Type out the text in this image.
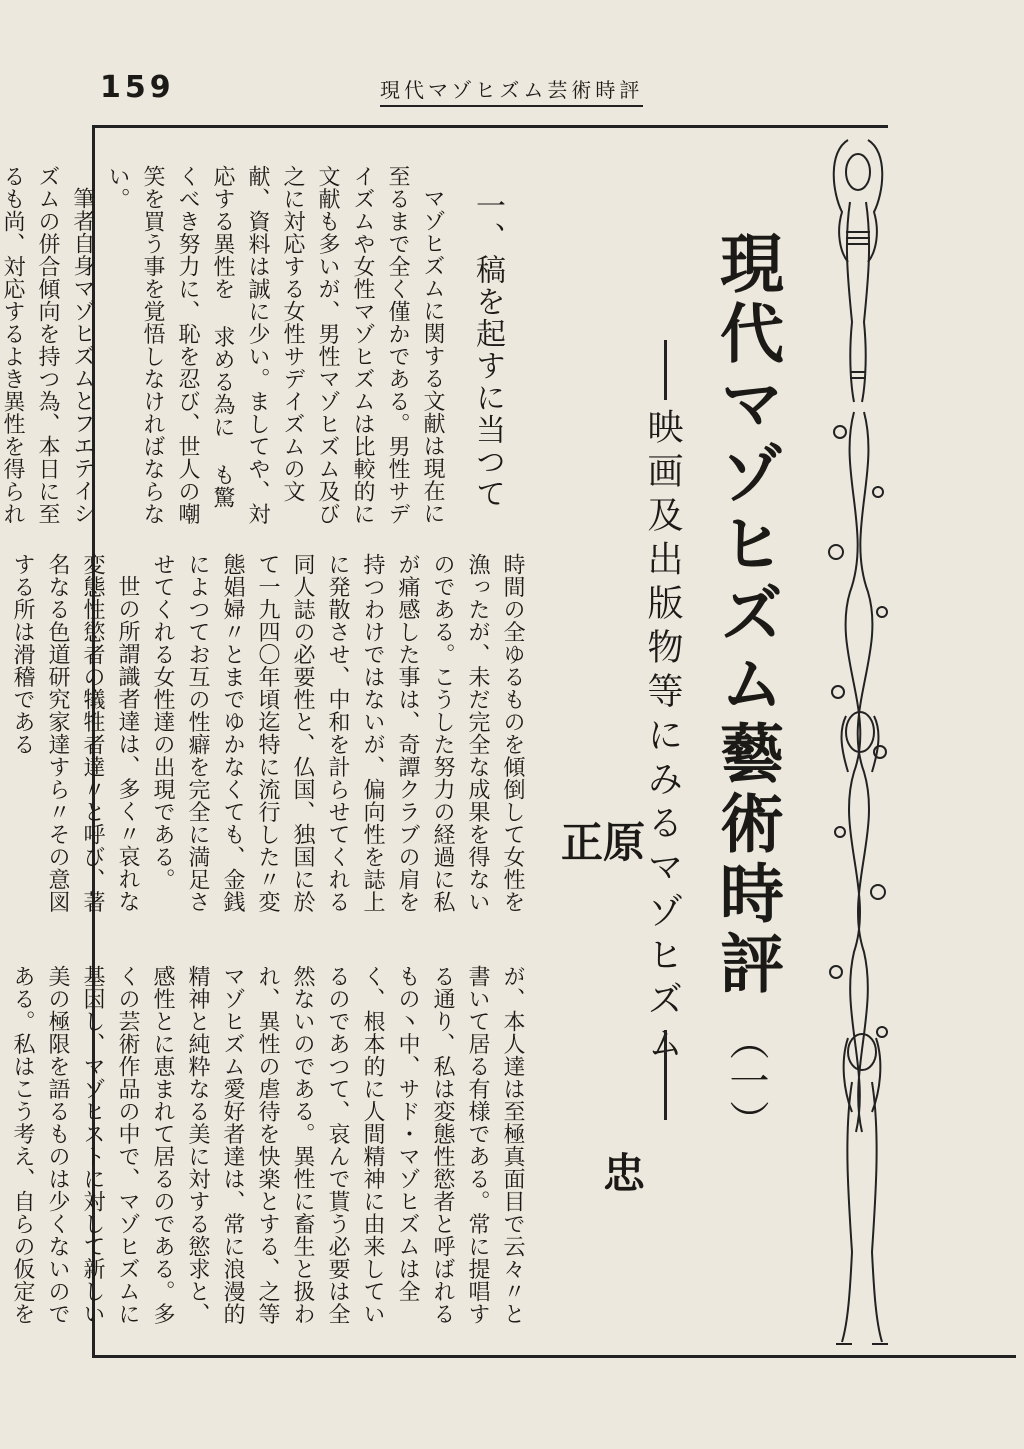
159	現代マゾヒズム芸術時評
現代マゾヒズム藝術時評
（一）
映画及出版物等にみるマゾヒズム
原 忠 正
一、稿を起すに当つて

マゾヒズムに関する文献は現在に至るまで全く僅かである。男性サデイズムや女性マゾヒズムは比較的に文献も多いが、男性マゾヒズム及び之に対応する女性サデイズムの文献、資料は誠に少い。ましてや、対応する異性を 求める為に も驚くべき努力に、恥を忍び、世人の嘲笑を買う事を覚悟しなければならない。

筆者自身マゾヒズムとフエテイシズムの併合傾向を持つ為、本日に至るも尚、対応するよき異性を得られ

時間の全ゆるものを傾倒して女性を漁ったが、未だ完全な成果を得ないのである。こうした努力の経過に私が痛感した事は、奇譚クラブの肩を持つわけではないが、偏向性を誌上に発散させ、中和を計らせてくれる同人誌の必要性と、仏国、独国に於て一九四〇年頃迄特に流行した〃変態娼婦〃とまでゆかなくても、金銭によつてお互の性癖を完全に満足させてくれる女性達の出現である。

世の所謂識者達は、多く〃哀れな変態性慾者の犠牲者達〃と呼び、著名なる色道研究家達すら〃その意図する所は滑稽である

が、本人達は至極真面目で云々〃と書いて居る有様である。常に提唱する通り、私は変態性慾者と呼ばれるもの丶中、サド・マゾヒズムは全く、根本的に人間精神に由来しているのであつて、哀んで貰う必要は全然ないのである。異性に畜生と扱われ、異性の虐待を快楽とする、之等マゾヒズム愛好者達は、常に浪漫的精神と純粋なる美に対する慾求と、感性とに恵まれて居るのである。多くの芸術作品の中で、マゾヒズムに基因し、マゾヒストに対して新しい美の極限を語るものは少くないのである。私はこう考え、自らの仮定を
